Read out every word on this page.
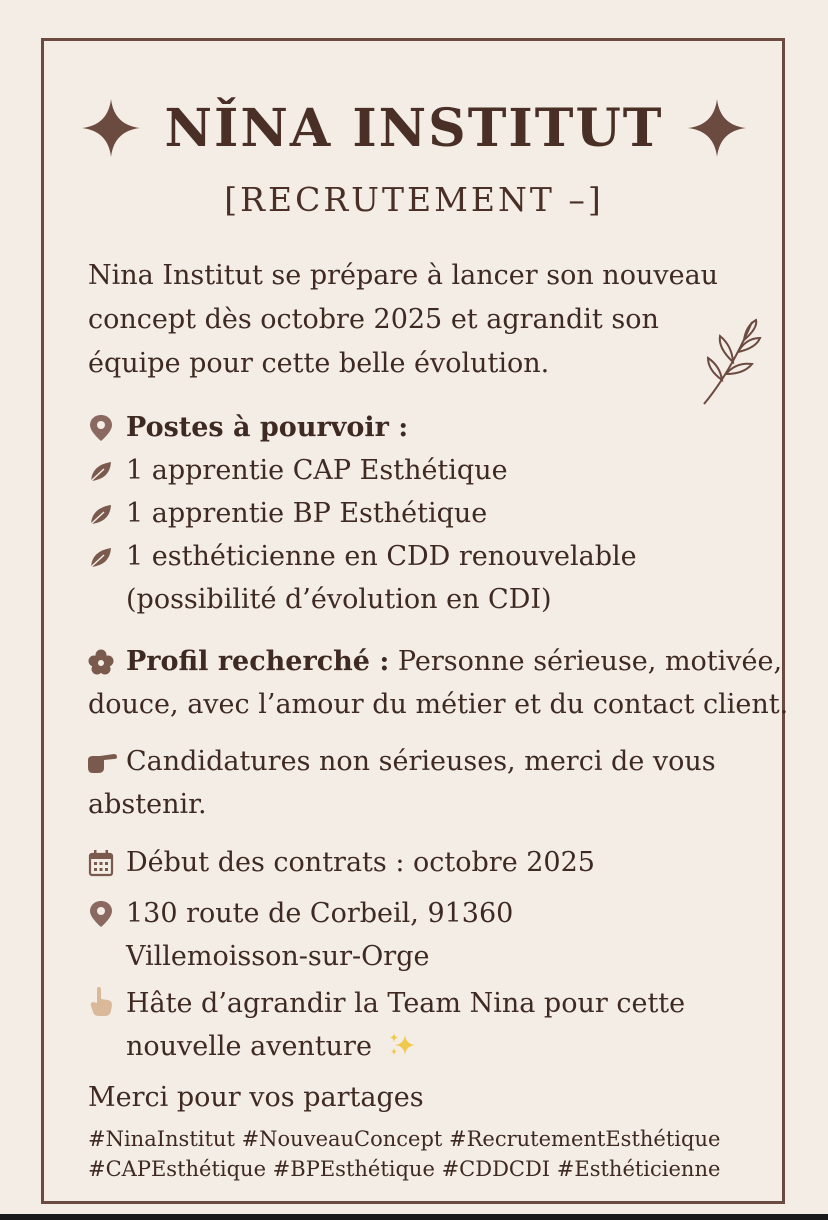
NǏNA INSTITUT
[RECRUTEMENT –]
Nina Institut se prépare à lancer son nouveau
concept dès octobre 2025 et agrandit son
équipe pour cette belle évolution.
Postes à pourvoir :
1 apprentie CAP Esthétique
1 apprentie BP Esthétique
1 esthéticienne en CDD renouvelable
(possibilité d’évolution en CDI)
Profil recherché : Personne sérieuse, motivée,
douce, avec l’amour du métier et du contact client.
Candidatures non sérieuses, merci de vous
abstenir.
Début des contrats : octobre 2025
130 route de Corbeil, 91360
Villemoisson-sur-Orge
Hâte d’agrandir la Team Nina pour cette
nouvelle aventure
Merci pour vos partages
#NinaInstitut #NouveauConcept #RecrutementEsthétique
#CAPEsthétique #BPEsthétique #CDDCDI #Esthéticienne
